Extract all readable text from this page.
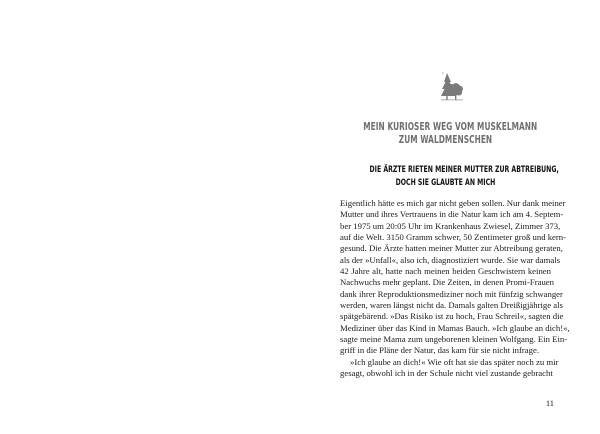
MEIN KURIOSER WEG VOM MUSKELMANN
ZUM WALDMENSCHEN
DIE ÄRZTE RIETEN MEINER MUTTER ZUR ABTREIBUNG,
DOCH SIE GLAUBTE AN MICH
Eigentlich hätte es mich gar nicht geben sollen. Nur dank meiner
Mutter und ihres Vertrauens in die Natur kam ich am 4. Septem-
ber 1975 um 20:05 Uhr im Krankenhaus Zwiesel, Zimmer 373,
auf die Welt. 3150 Gramm schwer, 50 Zentimeter groß und kern-
gesund. Die Ärzte hatten meiner Mutter zur Abtreibung geraten,
als der »Unfall«, also ich, diagnostiziert wurde. Sie war damals
42 Jahre alt, hatte nach meinen beiden Geschwistern keinen
Nachwuchs mehr geplant. Die Zeiten, in denen Promi-Frauen
dank ihrer Reproduktionsmediziner noch mit fünfzig schwanger
werden, waren längst nicht da. Damals galten Dreißigjährige als
spätgebärend. »Das Risiko ist zu hoch, Frau Schreil«, sagten die
Mediziner über das Kind in Mamas Bauch. »Ich glaube an dich!«,
sagte meine Mama zum ungeborenen kleinen Wolfgang. Ein Ein-
griff in die Pläne der Natur, das kam für sie nicht infrage.
»Ich glaube an dich!« Wie oft hat sie das später noch zu mir
gesagt, obwohl ich in der Schule nicht viel zustande gebracht
11
